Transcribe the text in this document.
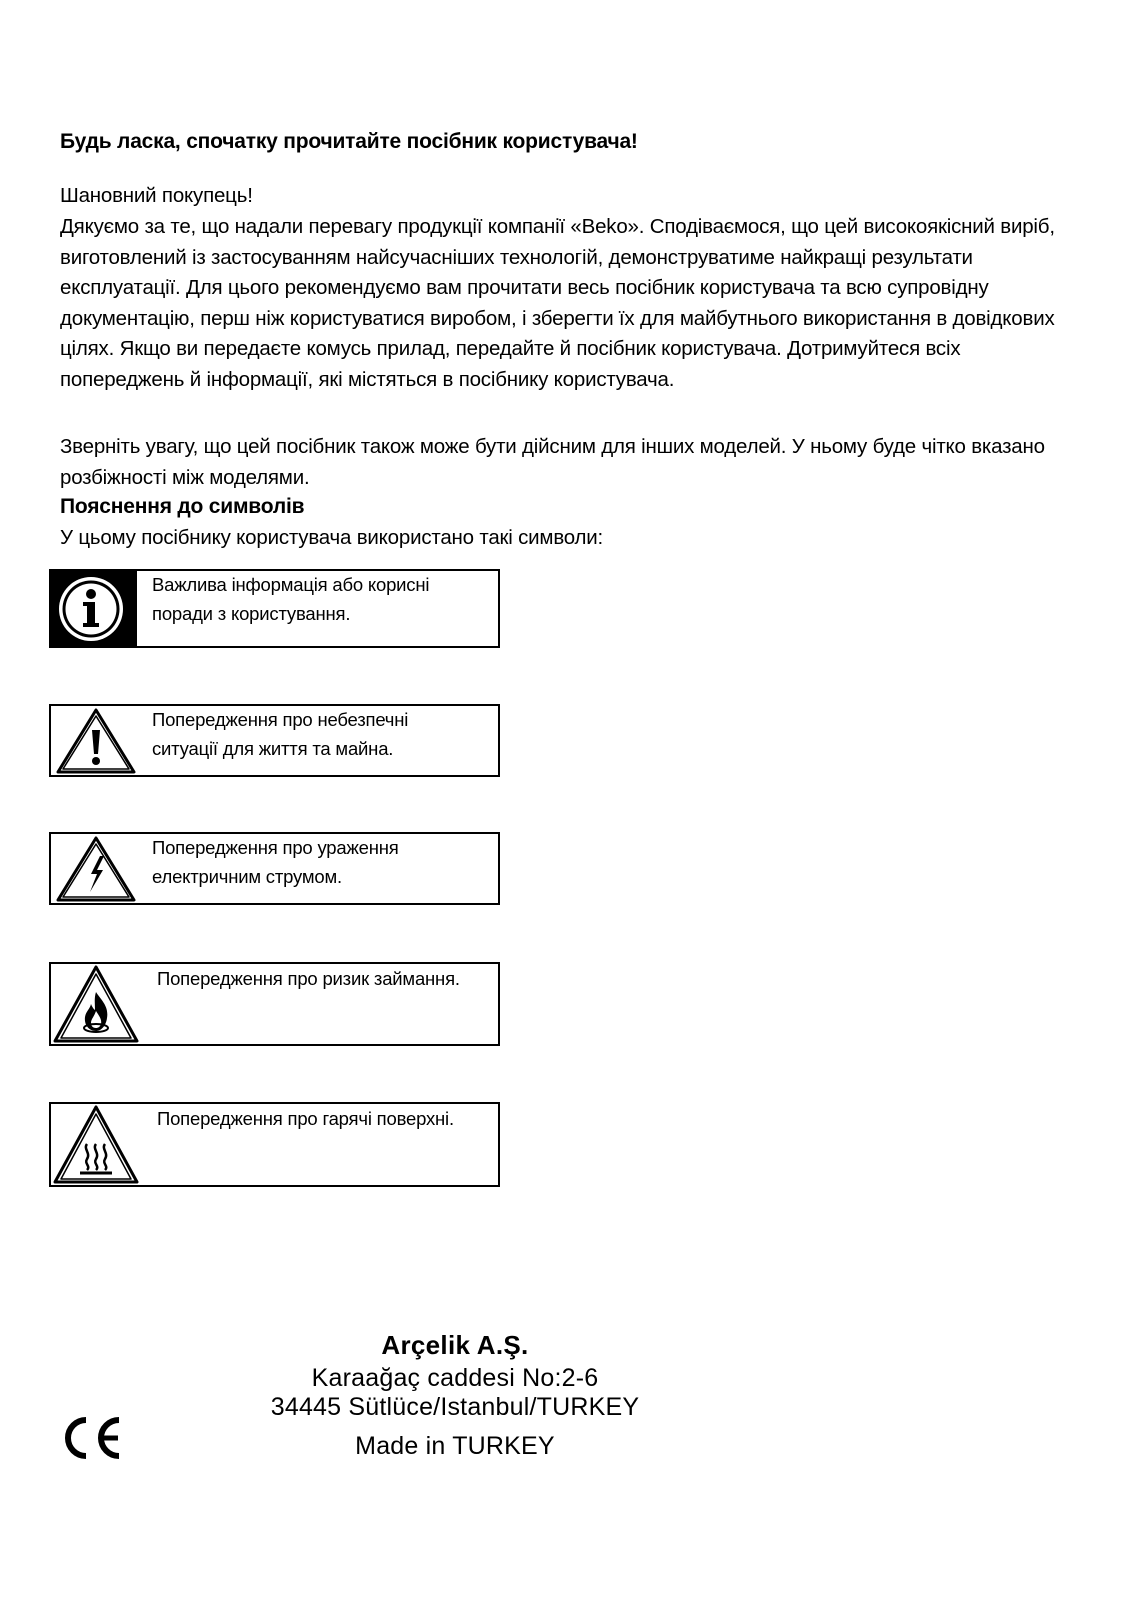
Будь ласка, спочатку прочитайте посібник користувача!

Шановний покупець!

Дякуємо за те, що надали перевагу продукції компанії «Beko». Сподіваємося, що цей високоякісний виріб, виготовлений із застосуванням найсучасніших технологій, демонструватиме найкращі результати експлуатації. Для цього рекомендуємо вам прочитати весь посібник користувача та всю супровідну документацію, перш ніж користуватися виробом, і зберегти їх для майбутнього використання в довідкових цілях. Якщо ви передаєте комусь прилад, передайте й посібник користувача. Дотримуйтеся всіх попереджень й інформації, які містяться в посібнику користувача.

Зверніть увагу, що цей посібник також може бути дійсним для інших моделей. У ньому буде чітко вказано розбіжності між моделями.

Пояснення до символів
У цьому посібнику користувача використано такі символи:
Важлива інформація або корисні
поради з користування.
Попередження про небезпечні
ситуації для життя та майна.
Попередження про ураження
електричним струмом.
Попередження про ризик займання.
Попередження про гарячі поверхні.
Arçelik A.Ş.
Karaağaç caddesi No:2-6
34445 Sütlüce/Istanbul/TURKEY
Made in TURKEY
